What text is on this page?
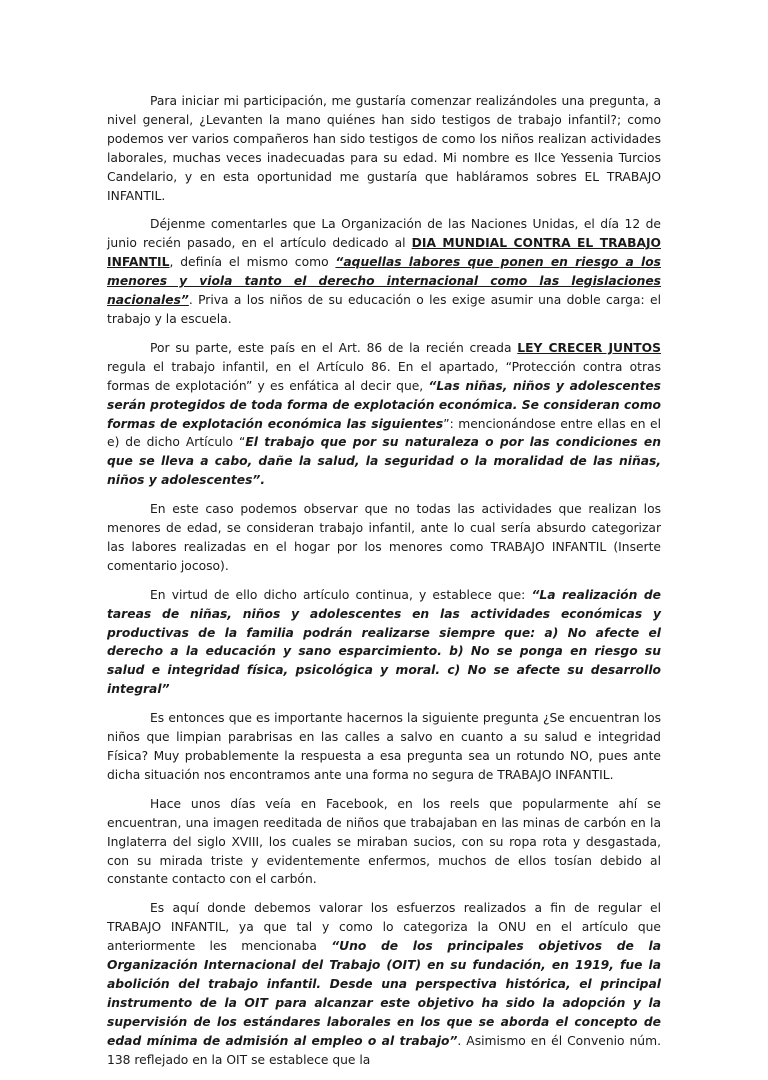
Para iniciar mi participación, me gustaría comenzar realizándoles una pregunta, a nivel general, ¿Levanten la mano quiénes han sido testigos de trabajo infantil?; como podemos ver varios compañeros han sido testigos de como los niños realizan actividades laborales, muchas veces inadecuadas para su edad. Mi nombre es Ilce Yessenia Turcios Candelario, y en esta oportunidad me gustaría que habláramos sobres EL TRABAJO INFANTIL.

Déjenme comentarles que La Organización de las Naciones Unidas, el día 12 de junio recién pasado, en el artículo dedicado al DIA MUNDIAL CONTRA EL TRABAJO INFANTIL, definía el mismo como “aquellas labores que ponen en riesgo a los menores y viola tanto el derecho internacional como las legislaciones nacionales”. Priva a los niños de su educación o les exige asumir una doble carga: el trabajo y la escuela.

Por su parte, este país en el Art. 86 de la recién creada LEY CRECER JUNTOS regula el trabajo infantil, en el Artículo 86. En el apartado, “Protección contra otras formas de explotación” y es enfática al decir que, “Las niñas, niños y adolescentes serán protegidos de toda forma de explotación económica. Se consideran como formas de explotación económica las siguientes”: mencionándose entre ellas en el e) de dicho Artículo “El trabajo que por su naturaleza o por las condiciones en que se lleva a cabo, dañe la salud, la seguridad o la moralidad de las niñas, niños y adolescentes”.

En este caso podemos observar que no todas las actividades que realizan los menores de edad, se consideran trabajo infantil, ante lo cual sería absurdo categorizar las labores realizadas en el hogar por los menores como TRABAJO INFANTIL (Inserte comentario jocoso).

En virtud de ello dicho artículo continua, y establece que: “La realización de tareas de niñas, niños y adolescentes en las actividades económicas y productivas de la familia podrán realizarse siempre que: a) No afecte el derecho a la educación y sano esparcimiento. b) No se ponga en riesgo su salud e integridad física, psicológica y moral. c) No se afecte su desarrollo integral”

Es entonces que es importante hacernos la siguiente pregunta ¿Se encuentran los niños que limpian parabrisas en las calles a salvo en cuanto a su salud e integridad Física? Muy probablemente la respuesta a esa pregunta sea un rotundo NO, pues ante dicha situación nos encontramos ante una forma no segura de TRABAJO INFANTIL.

Hace unos días veía en Facebook, en los reels que popularmente ahí se encuentran, una imagen reeditada de niños que trabajaban en las minas de carbón en la Inglaterra del siglo XVIII, los cuales se miraban sucios, con su ropa rota y desgastada, con su mirada triste y evidentemente enfermos, muchos de ellos tosían debido al constante contacto con el carbón.

Es aquí donde debemos valorar los esfuerzos realizados a fin de regular el TRABAJO INFANTIL, ya que tal y como lo categoriza la ONU en el artículo que anteriormente les mencionaba “Uno de los principales objetivos de la Organización Internacional del Trabajo (OIT) en su fundación, en 1919, fue la abolición del trabajo infantil. Desde una perspectiva histórica, el principal instrumento de la OIT para alcanzar este objetivo ha sido la adopción y la supervisión de los estándares laborales en los que se aborda el concepto de edad mínima de admisión al empleo o al trabajo”. Asimismo en él Convenio núm. 138 reflejado en la OIT se establece que la
